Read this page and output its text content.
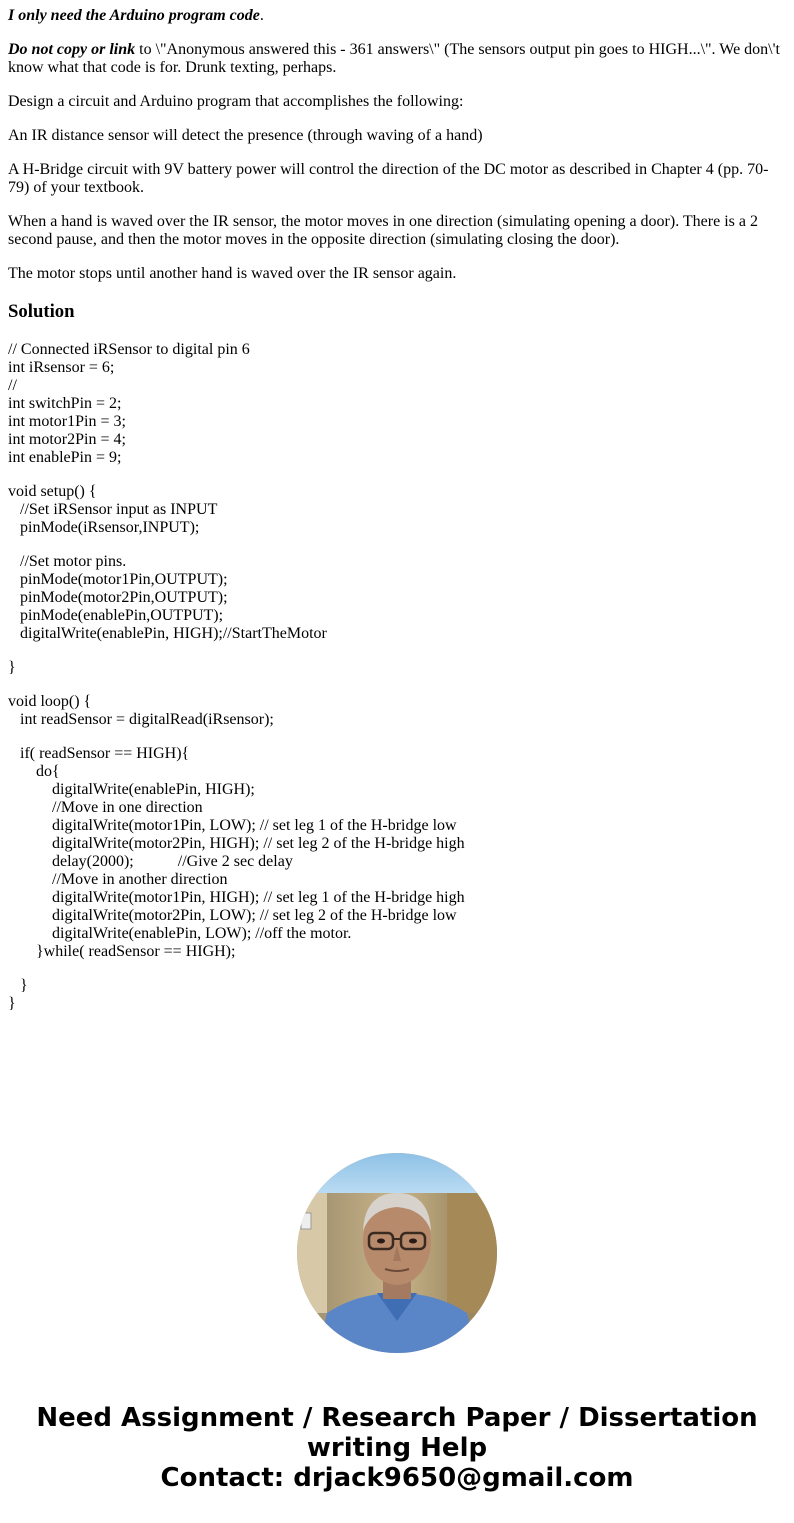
I only need the Arduino program code.

Do not copy or link to \"Anonymous answered this - 361 answers\" (The sensors output pin goes to HIGH...\". We don\'t know what that code is for. Drunk texting, perhaps.

Design a circuit and Arduino program that accomplishes the following:

An IR distance sensor will detect the presence (through waving of a hand)

A H-Bridge circuit with 9V battery power will control the direction of the DC motor as described in Chapter 4 (pp. 70-79) of your textbook.

When a hand is waved over the IR sensor, the motor moves in one direction (simulating opening a door). There is a 2 second pause, and then the motor moves in the opposite direction (simulating closing the door).

The motor stops until another hand is waved over the IR sensor again.

Solution
// Connected iRSensor to digital pin 6
int iRsensor = 6;
//
int switchPin = 2;
int motor1Pin = 3;
int motor2Pin = 4;
int enablePin = 9;
void setup() {
//Set iRSensor input as INPUT
pinMode(iRsensor,INPUT);
//Set motor pins.
pinMode(motor1Pin,OUTPUT);
pinMode(motor2Pin,OUTPUT);
pinMode(enablePin,OUTPUT);
digitalWrite(enablePin, HIGH);//StartTheMotor
}
void loop() {
int readSensor = digitalRead(iRsensor);
if( readSensor == HIGH){
do{
digitalWrite(enablePin, HIGH);
//Move in one direction
digitalWrite(motor1Pin, LOW); // set leg 1 of the H-bridge low
digitalWrite(motor2Pin, HIGH); // set leg 2 of the H-bridge high
delay(2000);           //Give 2 sec delay
//Move in another direction
digitalWrite(motor1Pin, HIGH); // set leg 1 of the H-bridge high
digitalWrite(motor2Pin, LOW); // set leg 2 of the H-bridge low
digitalWrite(enablePin, LOW); //off the motor.
}while( readSensor == HIGH);
}
}
Need Assignment / Research Paper / Dissertation
writing Help
Contact: drjack9650@gmail.com
